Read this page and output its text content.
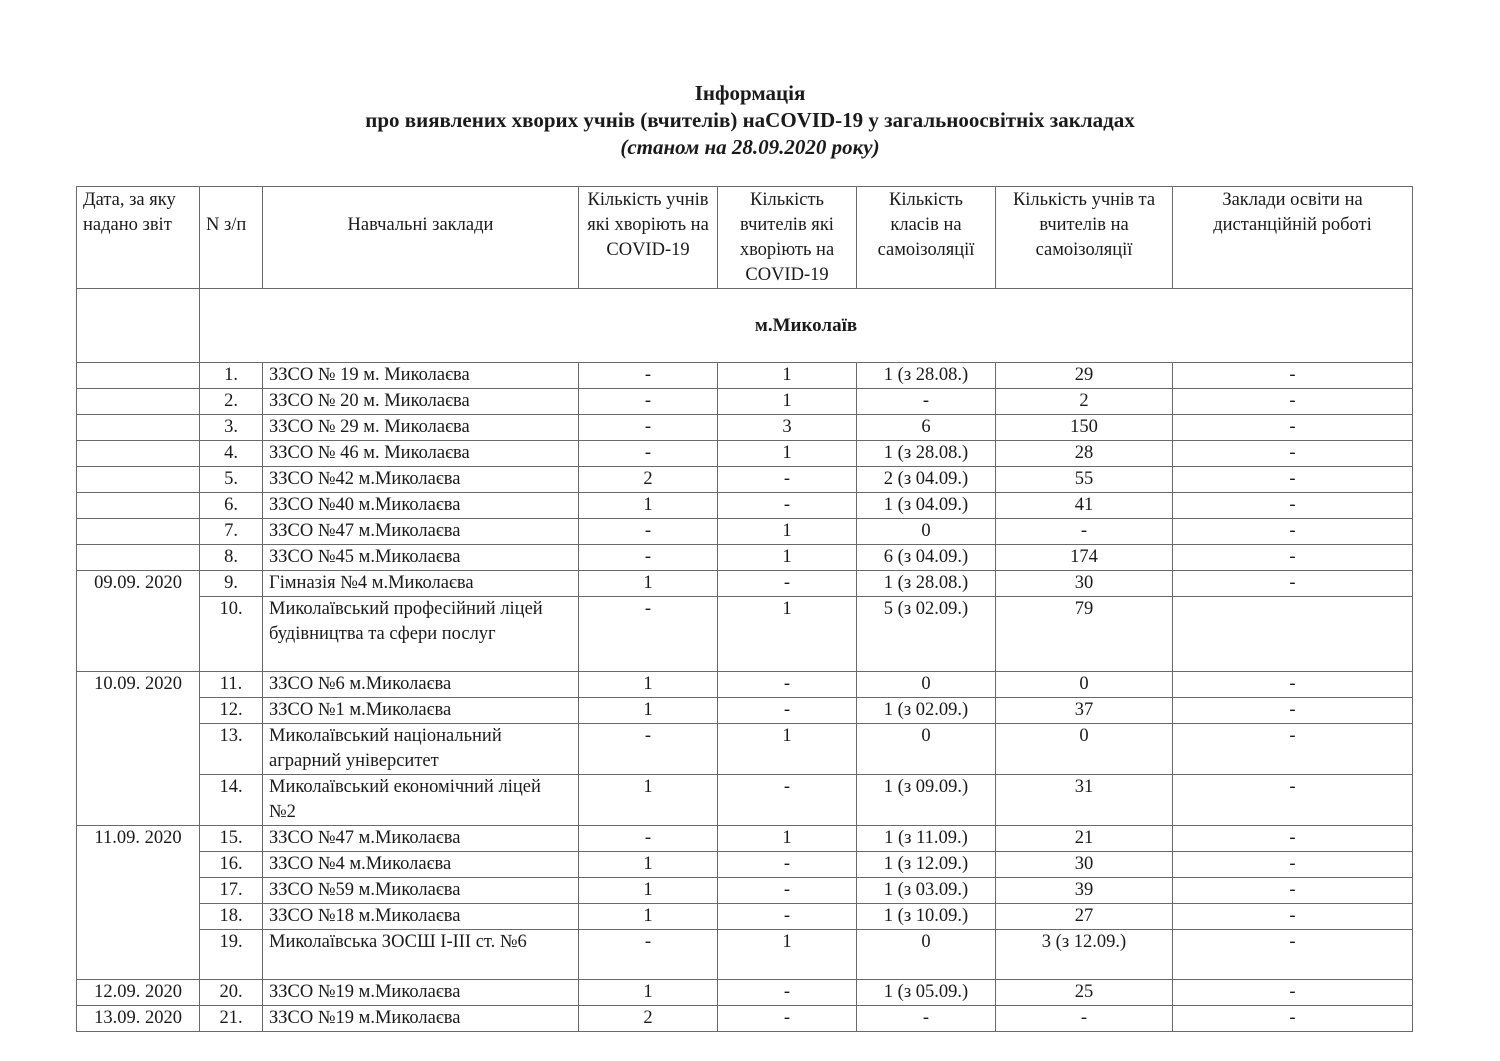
Інформація
про виявлених хворих учнів (вчителів) наCOVID-19 у загальноосвітніх закладах
(станом на 28.09.2020 року)
Дата, за яку надано звіт	N з/п	Навчальні заклади	Кількість учнів які хворіють на COVID-19	Кількість вчителів які хворіють на COVID-19	Кількість класів на самоізоляції	Кількість учнів та вчителів на самоізоляції	Заклади освіти на дистанційній роботі
	м.Миколаїв						
	1.	ЗЗСО № 19 м. Миколаєва	-	1	1 (з 28.08.)	29	-
	2.	ЗЗСО № 20 м. Миколаєва	-	1	-	2	-
	3.	ЗЗСО № 29 м. Миколаєва	-	3	6	150	-
	4.	ЗЗСО № 46 м. Миколаєва	-	1	1 (з 28.08.)	28	-
	5.	ЗЗСО №42 м.Миколаєва	2	-	2 (з 04.09.)	55	-
	6.	ЗЗСО №40 м.Миколаєва	1	-	1 (з 04.09.)	41	-
	7.	ЗЗСО №47 м.Миколаєва	-	1	0	-	-
	8.	ЗЗСО №45 м.Миколаєва	-	1	6 (з 04.09.)	174	-
09.09. 2020	9.	Гімназія №4 м.Миколаєва	1	-	1 (з 28.08.)	30	-
	10.	Миколаївський професійний ліцей будівництва та сфери послуг	-	1	5 (з 02.09.)	79	
10.09. 2020	11.	ЗЗСО №6 м.Миколаєва	1	-	0	0	-
	12.	ЗЗСО №1 м.Миколаєва	1	-	1 (з 02.09.)	37	-
	13.	Миколаївський національний аграрний університет	-	1	0	0	-
	14.	Миколаївський економічний ліцей №2	1	-	1 (з 09.09.)	31	-
11.09. 2020	15.	ЗЗСО №47 м.Миколаєва	-	1	1 (з 11.09.)	21	-
	16.	ЗЗСО №4 м.Миколаєва	1	-	1 (з 12.09.)	30	-
	17.	ЗЗСО №59 м.Миколаєва	1	-	1 (з 03.09.)	39	-
	18.	ЗЗСО №18 м.Миколаєва	1	-	1 (з 10.09.)	27	-
	19.	Миколаївська ЗОСШ І-ІІІ ст. №6	-	1	0	3 (з 12.09.)	-
12.09. 2020	20.	ЗЗСО №19 м.Миколаєва	1	-	1 (з 05.09.)	25	-
13.09. 2020	21.	ЗЗСО №19 м.Миколаєва	2	-	-	-	-
